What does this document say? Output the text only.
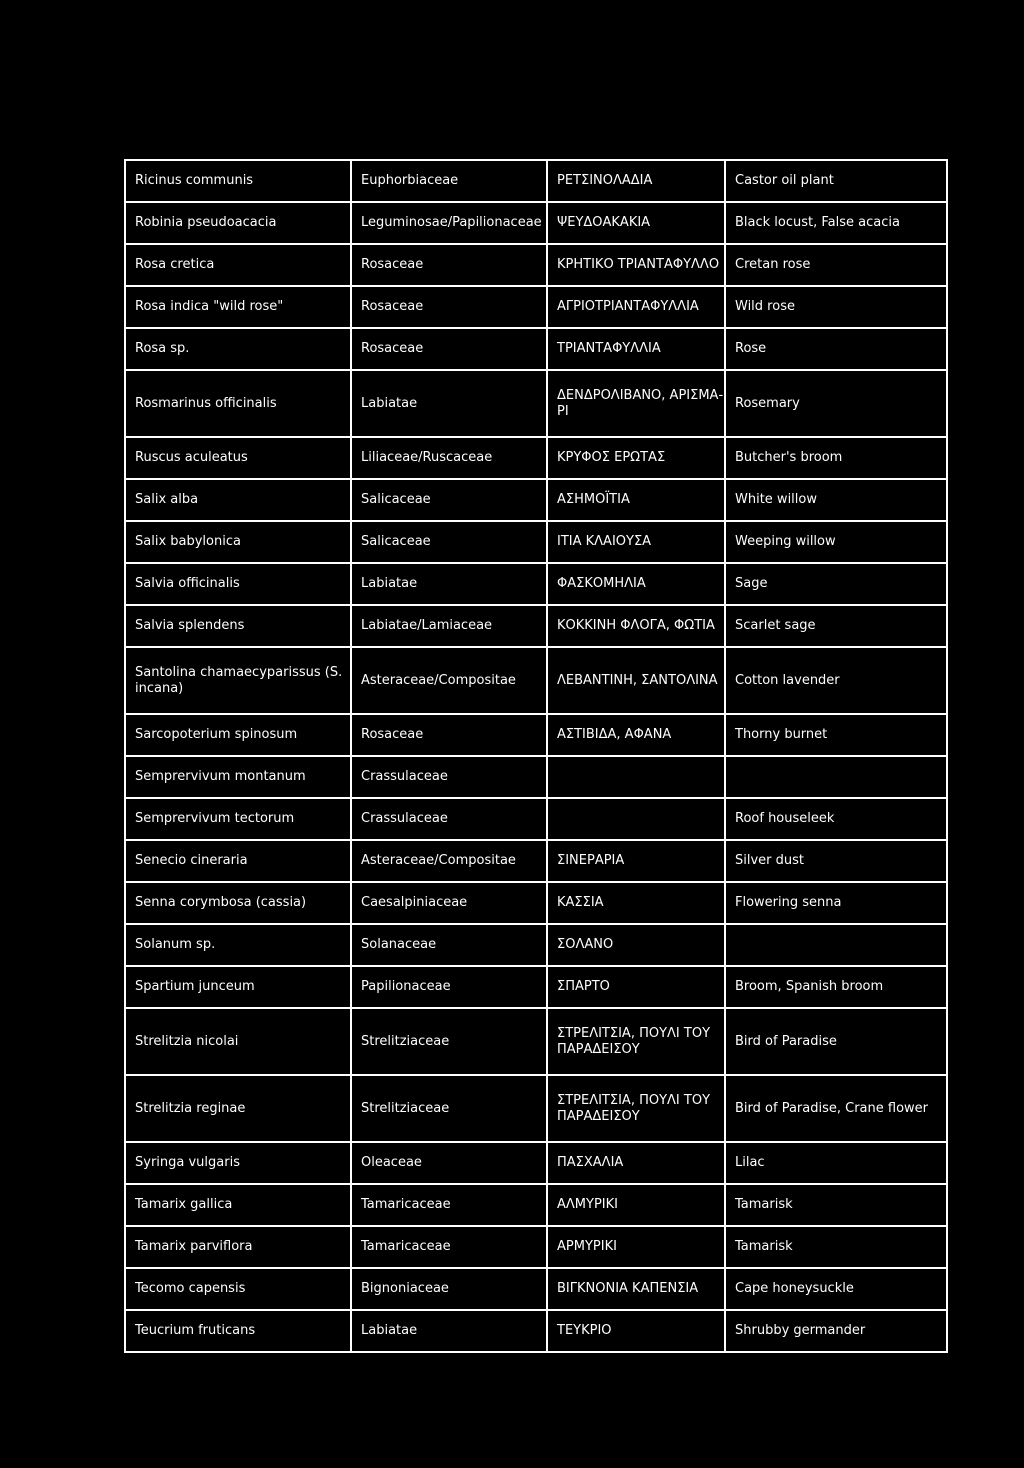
Ricinus communis	Euphorbiaceae	ΡΕΤΣΙΝΟΛΑΔΙΑ	Castor oil plant
Robinia pseudoacacia	Leguminosae/Papilionaceae	ΨΕΥΔΟΑΚΑΚΙΑ	Black locust, False acacia
Rosa cretica	Rosaceae	ΚΡΗΤΙΚΟ ΤΡΙΑΝΤΑΦΥΛΛΟ	Cretan rose
Rosa indica "wild rose"	Rosaceae	ΑΓΡΙΟΤΡΙΑΝΤΑΦΥΛΛΙΑ	Wild rose
Rosa sp.	Rosaceae	ΤΡΙΑΝΤΑΦΥΛΛΙΑ	Rose
Rosmarinus officinalis	Labiatae	ΔΕΝΔΡΟΛΙΒΑΝΟ, ΑΡΙΣΜΑ-ΡΙ	Rosemary
Ruscus aculeatus	Liliaceae/Ruscaceae	ΚΡΥΦΟΣ ΕΡΩΤΑΣ	Butcher's broom
Salix alba	Salicaceae	ΑΣΗΜΟΪΤΙΑ	White willow
Salix babylonica	Salicaceae	ΙΤΙΑ ΚΛΑΙΟΥΣΑ	Weeping willow
Salvia officinalis	Labiatae	ΦΑΣΚΟΜΗΛΙΑ	Sage
Salvia splendens	Labiatae/Lamiaceae	ΚΟΚΚΙΝΗ ΦΛΟΓΑ, ΦΩΤΙΑ	Scarlet sage
Santolina chamaecyparissus (S. incana)	Asteraceae/Compositae	ΛΕΒΑΝΤΙΝΗ, ΣΑΝΤΟΛΙΝΑ	Cotton lavender
Sarcopoterium spinosum	Rosaceae	ΑΣΤΙΒΙΔΑ, ΑΦΑΝΑ	Thorny burnet
Semprervivum montanum	Crassulaceae		
Semprervivum tectorum	Crassulaceae		Roof houseleek
Senecio cineraria	Asteraceae/Compositae	ΣΙΝΕΡΑΡΙΑ	Silver dust
Senna corymbosa (cassia)	Caesalpiniaceae	ΚΑΣΣΙΑ	Flowering senna
Solanum sp.	Solanaceae	ΣΟΛΑΝΟ	
Spartium junceum	Papilionaceae	ΣΠΑΡΤΟ	Broom, Spanish broom
Strelitzia nicolai	Strelitziaceae	ΣΤΡΕΛΙΤΣΙΑ, ΠΟΥΛΙ ΤΟΥ ΠΑΡΑΔΕΙΣΟΥ	Bird of Paradise
Strelitzia reginae	Strelitziaceae	ΣΤΡΕΛΙΤΣΙΑ, ΠΟΥΛΙ ΤΟΥ ΠΑΡΑΔΕΙΣΟΥ	Bird of Paradise, Crane flower
Syringa vulgaris	Oleaceae	ΠΑΣΧΑΛΙΑ	Lilac
Tamarix gallica	Tamaricaceae	ΑΛΜΥΡΙΚΙ	Tamarisk
Tamarix parviflora	Tamaricaceae	ΑΡΜΥΡΙΚΙ	Tamarisk
Tecomo capensis	Bignoniaceae	ΒΙΓΚΝΟΝΙΑ ΚΑΠΕΝΣΙΑ	Cape honeysuckle
Teucrium fruticans	Labiatae	ΤΕΥΚΡΙΟ	Shrubby germander
